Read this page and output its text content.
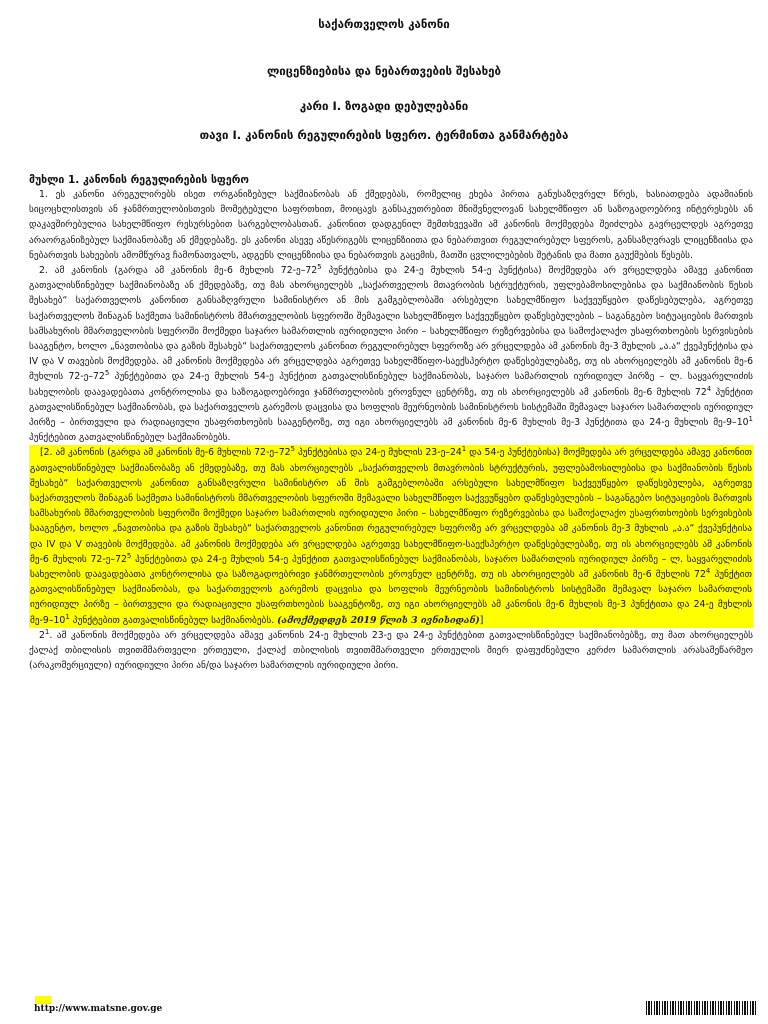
საქართველოს კანონი
ლიცენზიებისა და ნებართვების შესახებ
კარი I. ზოგადი დებულებანი
თავი I. კანონის რეგულირების სფერო. ტერმინთა განმარტება

მუხლი 1. კანონის რეგულირების სფერო

1. ეს კანონი არეგულირებს ისეთ ორგანიზებულ საქმიანობას ან ქმედებას, რომელიც ეხება პირთა განუსაზღვრელ წრეს, ხასიათდება ადამიანის სიცოცხლისთვის ან ჯანმრთელობისთვის მომეტებული საფრთხით, მოიცავს განსაკუთრებით მნიშვნელოვან სახელმწიფო ან საზოგადოებრივ ინტერესებს ან დაკავშირებულია სახელმწიფო რესურსებით სარგებლობასთან. კანონით დადგენილ შემთხვევაში ამ კანონის მოქმედება შეიძლება გავრცელდეს აგრეთვე არაორგანიზებულ საქმიანობაზე ან ქმედებაზე. ეს კანონი ასევე აწესრიგებს ლიცენზიითა და ნებართვით რეგულირებულ სფეროს, განსაზღვრავს ლიცენზიისა და ნებართვის სახეების ამომწურავ ჩამონათვალს, ადგენს ლიცენზიისა და ნებართვის გაცემის, მათში ცვლილებების შეტანის და მათი გაუქმების წესებს.

2. ამ კანონის (გარდა ამ კანონის მე-6 მუხლის $72-ე-72^5$ პუნქტებისა და 24-ე მუხლის 54-ე პუნქტისა) მოქმედება არ ვრცელდება ამავე კანონით გათვალისწინებულ საქმიანობაზე ან ქმედებაზე, თუ მას ახორციელებს „საქართველოს მთავრობის სტრუქტურის, უფლებამოსილებისა და საქმიანობის წესის შესახებ“ საქართველოს კანონით განსაზღვრული სამინისტრო ან მის გამგებლობაში არსებული სახელმწიფო საქვეუწყებო დაწესებულება, აგრეთვე საქართველოს შინაგან საქმეთა სამინისტროს მმართველობის სფეროში შემავალი სახელმწიფო საქვეუწყებო დაწესებულების – საგანგებო სიტუაციების მართვის სამსახურის მმართველობის სფეროში მოქმედი საჯარო სამართლის იურიდიული პირი – სახელმწიფო რეზერვებისა და სამოქალაქო უსაფრთხოების სერვისების სააგენტო, ხოლო „ნავთობისა და გაზის შესახებ“ საქართველოს კანონით რეგულირებულ სფეროზე არ ვრცელდება ამ კანონის მე-3 მუხლის „ა.ა“ ქვეპუნქტისა და IV და V თავების მოქმედება. ამ კანონის მოქმედება არ ვრცელდება აგრეთვე სახელმწიფო-საექსპერტო დაწესებულებაზე, თუ ის ახორციელებს ამ კანონის მე-6 მუხლის $72-ე-72^5$ პუნქტებითა და 24-ე მუხლის 54-ე პუნქტით გათვალისწინებულ საქმიანობას, საჯარო სამართლის იურიდიულ პირზე – ლ. საყვარელიძის სახელობის დაავადებათა კონტროლისა და საზოგადოებრივი ჯანმრთელობის ეროვნულ ცენტრზე, თუ ის ახორციელებს ამ კანონის მე-6 მუხლის $72^4$ პუნქტით გათვალისწინებულ საქმიანობას, და საქართველოს გარემოს დაცვისა და სოფლის მეურნეობის სამინისტროს სისტემაში შემავალ საჯარო სამართლის იურიდიულ პირზე – ბირთვული და რადიაციული უსაფრთხოების სააგენტოზე, თუ იგი ახორციელებს ამ კანონის მე-6 მუხლის მე-3 პუნქტითა და 24-ე მუხლის $მე-9-10^1$ პუნქტებით გათვალისწინებულ საქმიანობებს.

[2. ამ კანონის (გარდა ამ კანონის მე-6 მუხლის $72-ე-72^5$ პუნქტებისა და 24-ე მუხლის $23-ე-24^1$ და 54-ე პუნქტებისა) მოქმედება არ ვრცელდება ამავე კანონით გათვალისწინებულ საქმიანობაზე ან ქმედებაზე, თუ მას ახორციელებს „საქართველოს მთავრობის სტრუქტურის, უფლებამოსილებისა და საქმიანობის წესის შესახებ“ საქართველოს კანონით განსაზღვრული სამინისტრო ან მის გამგებლობაში არსებული სახელმწიფო საქვეუწყებო დაწესებულება, აგრეთვე საქართველოს შინაგან საქმეთა სამინისტროს მმართველობის სფეროში შემავალი სახელმწიფო საქვეუწყებო დაწესებულების – საგანგებო სიტუაციების მართვის სამსახურის მმართველობის სფეროში მოქმედი საჯარო სამართლის იურიდიული პირი – სახელმწიფო რეზერვებისა და სამოქალაქო უსაფრთხოების სერვისების სააგენტო, ხოლო „ნავთობისა და გაზის შესახებ“ საქართველოს კანონით რეგულირებულ სფეროზე არ ვრცელდება ამ კანონის მე-3 მუხლის „ა.ა“ ქვეპუნქტისა და IV და V თავების მოქმედება. ამ კანონის მოქმედება არ ვრცელდება აგრეთვე სახელმწიფო-საექსპერტო დაწესებულებაზე, თუ ის ახორციელებს ამ კანონის მე-6 მუხლის $72-ე-72^5$ პუნქტებითა და 24-ე მუხლის 54-ე პუნქტით გათვალისწინებულ საქმიანობას, საჯარო სამართლის იურიდიულ პირზე – ლ. საყვარელიძის სახელობის დაავადებათა კონტროლისა და საზოგადოებრივი ჯანმრთელობის ეროვნულ ცენტრზე, თუ ის ახორციელებს ამ კანონის მე-6 მუხლის $72^4$ პუნქტით გათვალისწინებულ საქმიანობას, და საქართველოს გარემოს დაცვისა და სოფლის მეურნეობის სამინისტროს სისტემაში შემავალ საჯარო სამართლის იურიდიულ პირზე – ბირთვული და რადიაციული უსაფრთხოების სააგენტოზე, თუ იგი ახორციელებს ამ კანონის მე-6 მუხლის მე-3 პუნქტითა და 24-ე მუხლის $მე-9-10^1$ პუნქტებით გათვალისწინებულ საქმიანობებს. (ამოქმედდეს 2019 წლის 3 ივნისიდან)]

$2^1$. ამ კანონის მოქმედება არ ვრცელდება ამავე კანონის 24-ე მუხლის 23-ე და 24-ე პუნქტებით გათვალისწინებულ საქმიანობებზე, თუ მათ ახორციელებს ქალაქ თბილისის თვითმმართველი ერთეული, ქალაქ თბილისის თვითმმართველი ერთეულის მიერ დაფუძნებული კერძო სამართლის არასამეწარმეო (არაკომერციული) იურიდიული პირი ან/და საჯარო სამართლის იურიდიული პირი.

http://www.matsne.gov.ge
